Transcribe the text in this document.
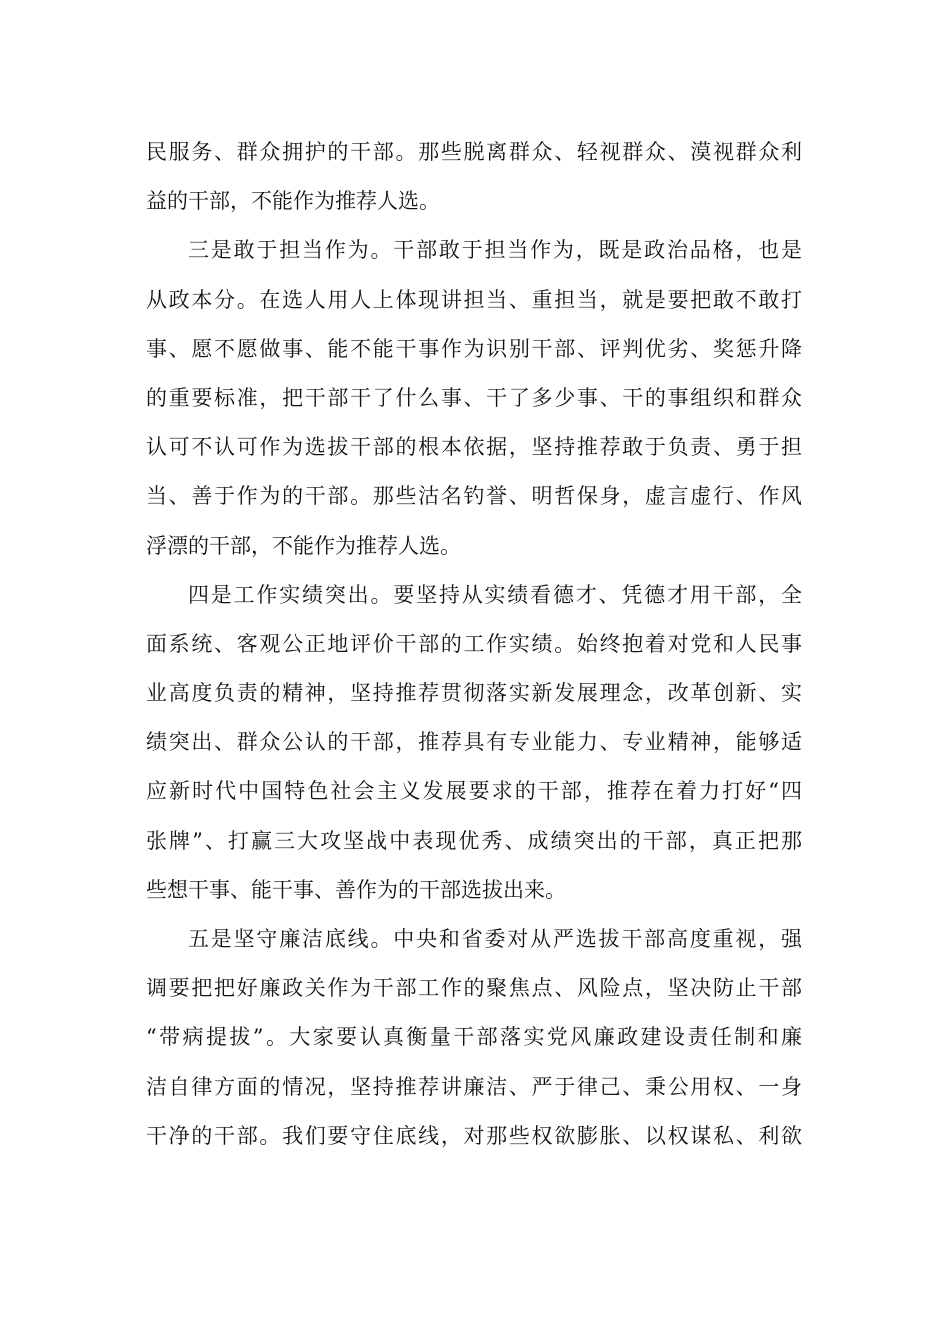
民服务、群众拥护的干部。那些脱离群众、轻视群众、漠视群众利
益的干部，不能作为推荐人选。
三是敢于担当作为。干部敢于担当作为，既是政治品格，也是
从政本分。在选人用人上体现讲担当、重担当，就是要把敢不敢打
事、愿不愿做事、能不能干事作为识别干部、评判优劣、奖惩升降
的重要标准，把干部干了什么事、干了多少事、干的事组织和群众
认可不认可作为选拔干部的根本依据，坚持推荐敢于负责、勇于担
当、善于作为的干部。那些沽名钓誉、明哲保身，虚言虚行、作风
浮漂的干部，不能作为推荐人选。
四是工作实绩突出。要坚持从实绩看德才、凭德才用干部，全
面系统、客观公正地评价干部的工作实绩。始终抱着对党和人民事
业高度负责的精神，坚持推荐贯彻落实新发展理念，改革创新、实
绩突出、群众公认的干部，推荐具有专业能力、专业精神，能够适
应新时代中国特色社会主义发展要求的干部，推荐在着力打好“四
张牌”、打赢三大攻坚战中表现优秀、成绩突出的干部，真正把那
些想干事、能干事、善作为的干部选拔出来。
五是坚守廉洁底线。中央和省委对从严选拔干部高度重视，强
调要把把好廉政关作为干部工作的聚焦点、风险点，坚决防止干部
“带病提拔”。大家要认真衡量干部落实党风廉政建设责任制和廉
洁自律方面的情况，坚持推荐讲廉洁、严于律己、秉公用权、一身
干净的干部。我们要守住底线，对那些权欲膨胀、以权谋私、利欲
